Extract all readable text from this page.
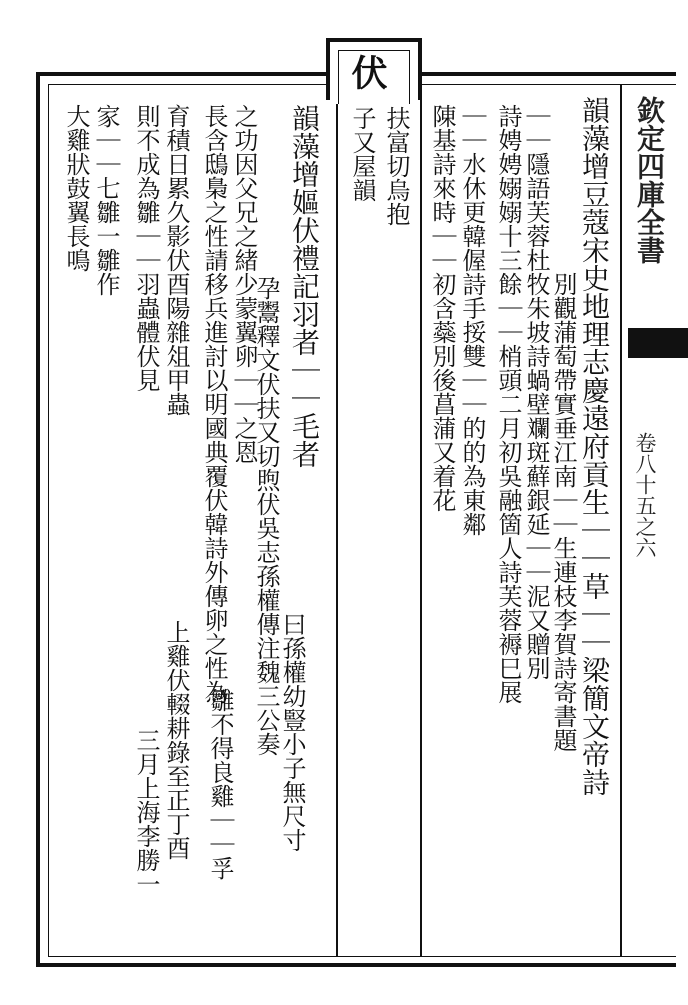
伏
欽定四庫全書
卷八十五之六
韻藻增豆蔻宋史地理志慶遠府貢生｜｜草｜｜梁簡文帝詩
別觀蒲萄帶實垂江南｜｜生連枝李賀詩寄書題
詩娉娉嫋嫋十三餘｜｜梢頭二月初吳融箇人詩芙蓉褥巳展 ｜｜隱語芙蓉杜牧朱坡詩蝸壁斕斑蘚銀延｜｜泥又贈別
陳基詩來時｜｜初含蘂別後菖蒲又着花 ｜｜水休更韓偓詩手挼雙｜｜的的為東鄰
扶富切烏抱
子又屋韻
韻藻增嫗伏禮記羽者｜｜毛者
孕鬻釋文伏扶又切煦伏吳志孫權傳注魏三公奏
之功因父兄之緒少蒙翼卵｜｜之恩
曰孫權幼豎小子無尺寸
長含鴟梟之性請移兵進討以明國典覆伏韓詩外傳卵之性為
雛不得良雞｜｜孚
育積日累久影伏酉陽雜俎甲蟲
則不成為雛｜｜羽蟲體伏見
上雞伏輟耕錄至正丁酉
三月上海李勝一
家｜｜七雛一雛作
大雞狀鼓翼長鳴
